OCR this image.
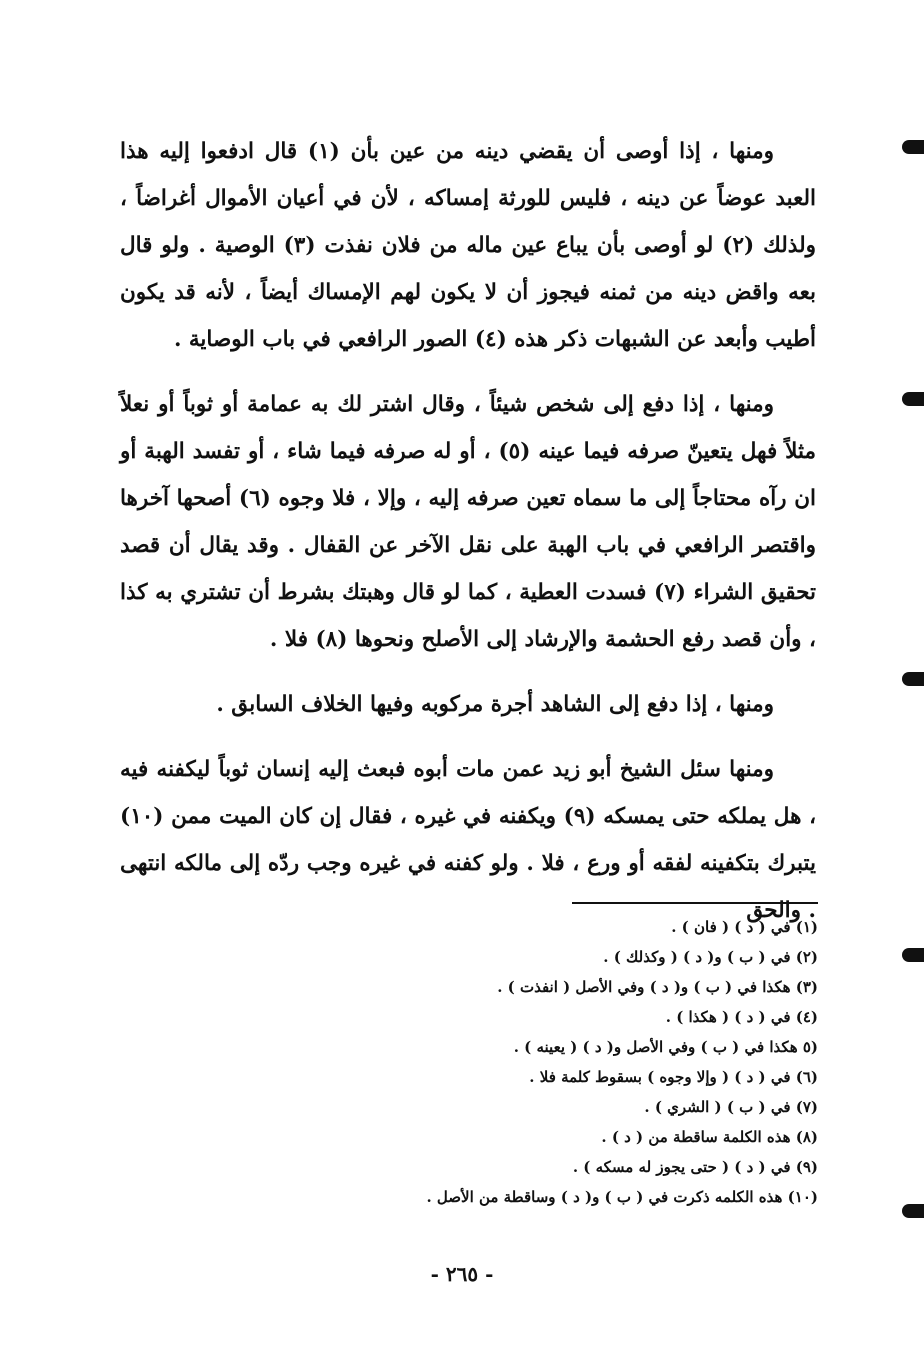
ومنها ، إذا أوصى أن يقضي دينه من عين بأن (١) قال ادفعوا إليه هذا العبد عوضاً عن دينه ، فليس للورثة إمساكه ، لأن في أعيان الأموال أغراضاً ، ولذلك (٢) لو أوصى بأن يباع عين ماله من فلان نفذت (٣) الوصية . ولو قال بعه واقض دينه من ثمنه فيجوز أن لا يكون لهم الإمساك أيضاً ، لأنه قد يكون أطيب وأبعد عن الشبهات ذكر هذه (٤) الصور الرافعي في باب الوصاية .

ومنها ، إذا دفع إلى شخص شيئاً ، وقال اشتر لك به عمامة أو ثوباً أو نعلاً مثلاً فهل يتعينّ صرفه فيما عينه (٥) ، أو له صرفه فيما شاء ، أو تفسد الهبة أو ان رآه محتاجاً إلى ما سماه تعين صرفه إليه ، وإلا ، فلا وجوه (٦) أصحها آخرها واقتصر الرافعي في باب الهبة على نقل الآخر عن القفال . وقد يقال أن قصد تحقيق الشراء (٧) فسدت العطية ، كما لو قال وهبتك بشرط أن تشتري به كذا ، وأن قصد رفع الحشمة والإرشاد إلى الأصلح ونحوها (٨) فلا .

ومنها ، إذا دفع إلى الشاهد أجرة مركوبه وفيها الخلاف السابق .

ومنها سئل الشيخ أبو زيد عمن مات أبوه فبعث إليه إنسان ثوباً ليكفنه فيه ، هل يملكه حتى يمسكه (٩) ويكفنه في غيره ، فقال إن كان الميت ممن (١٠) يتبرك بتكفينه لفقه أو ورع ، فلا . ولو كفنه في غيره وجب ردّه إلى مالكه انتهى . والحق

(١) في ( د ) ( فان ) .
(٢) في ( ب ) و( د ) ( وكذلك ) .
(٣) هكذا في ( ب ) و( د ) وفي الأصل ( انفذت ) .
(٤) في ( د ) ( هكذا ) .
(٥ هكذا في ( ب ) وفي الأصل و( د ) ( يعينه ) .
(٦) في ( د ) ( وإلا وجوه ) بسقوط كلمة فلا .
(٧) في ( ب ) ( الشري ) .
(٨) هذه الكلمة ساقطة من ( د ) .
(٩) في ( د ) ( حتى يجوز له مسكه ) .
(١٠) هذه الكلمه ذكرت في ( ب ) و( د ) وساقطة من الأصل .
- ٢٦٥ -
